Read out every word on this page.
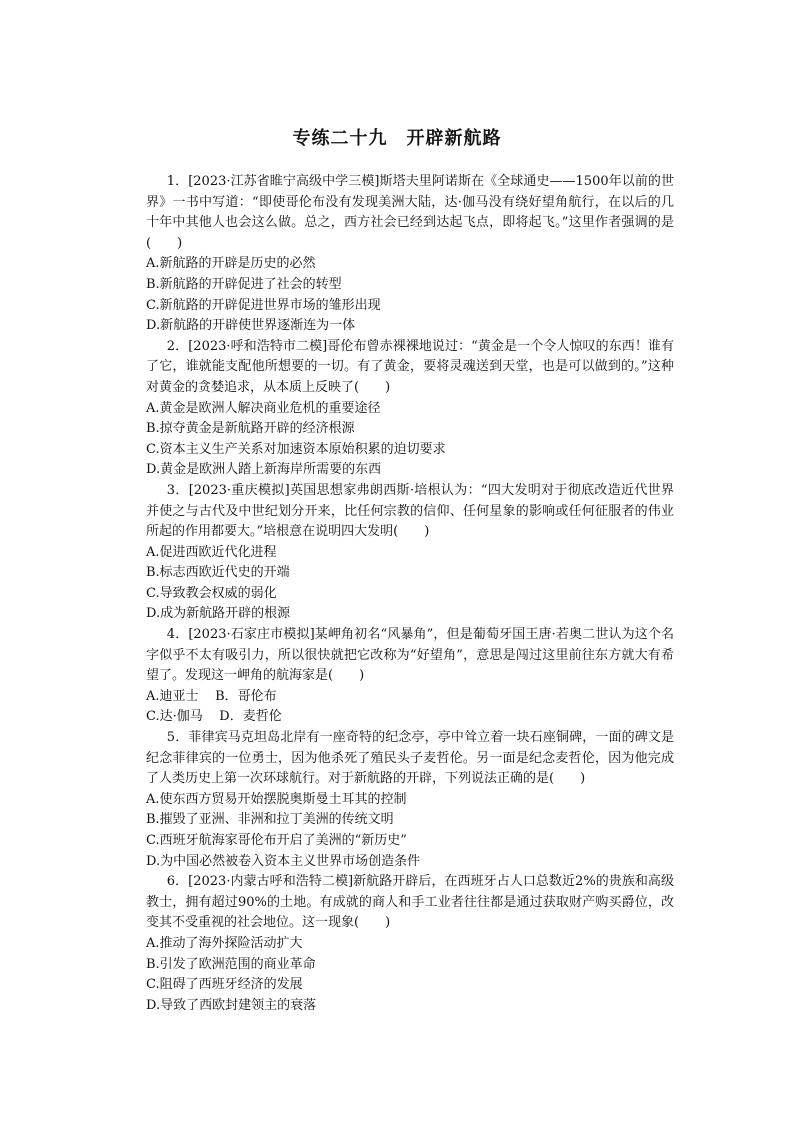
专练二十九　开辟新航路

1．[2023·江苏省睢宁高级中学三模]斯塔夫里阿诺斯在《全球通史——1500年以前的世界》一书中写道：“即使哥伦布没有发现美洲大陆，达·伽马没有绕好望角航行，在以后的几十年中其他人也会这么做。总之，西方社会已经到达起飞点，即将起飞。”这里作者强调的是(　　)

A.新航路的开辟是历史的必然

B.新航路的开辟促进了社会的转型

C.新航路的开辟促进世界市场的雏形出现

D.新航路的开辟使世界逐渐连为一体

2．[2023·呼和浩特市二模]哥伦布曾赤裸裸地说过：“黄金是一个令人惊叹的东西！谁有了它，谁就能支配他所想要的一切。有了黄金，要将灵魂送到天堂，也是可以做到的。”这种对黄金的贪婪追求，从本质上反映了(　　)

A.黄金是欧洲人解决商业危机的重要途径

B.掠夺黄金是新航路开辟的经济根源

C.资本主义生产关系对加速资本原始积累的迫切要求

D.黄金是欧洲人踏上新海岸所需要的东西

3．[2023·重庆模拟]英国思想家弗朗西斯·培根认为：“四大发明对于彻底改造近代世界并使之与古代及中世纪划分开来，比任何宗教的信仰、任何星象的影响或任何征服者的伟业所起的作用都要大。”培根意在说明四大发明(　　)

A.促进西欧近代化进程

B.标志西欧近代史的开端

C.导致教会权威的弱化

D.成为新航路开辟的根源

4．[2023·石家庄市模拟]某岬角初名“风暴角”，但是葡萄牙国王唐·若奥二世认为这个名字似乎不太有吸引力，所以很快就把它改称为“好望角”，意思是闯过这里前往东方就大有希望了。发现这一岬角的航海家是(　　)

A.迪亚士 B．哥伦布

C.达·伽马 D．麦哲伦

5．菲律宾马克坦岛北岸有一座奇特的纪念亭，亭中耸立着一块石座铜碑，一面的碑文是纪念菲律宾的一位勇士，因为他杀死了殖民头子麦哲伦。另一面是纪念麦哲伦，因为他完成了人类历史上第一次环球航行。对于新航路的开辟，下列说法正确的是(　　)

A.使东西方贸易开始摆脱奥斯曼土耳其的控制

B.摧毁了亚洲、非洲和拉丁美洲的传统文明

C.西班牙航海家哥伦布开启了美洲的“新历史”

D.为中国必然被卷入资本主义世界市场创造条件

6．[2023·内蒙古呼和浩特二模]新航路开辟后，在西班牙占人口总数近2%的贵族和高级教士，拥有超过90%的土地。有成就的商人和手工业者往往都是通过获取财产购买爵位，改变其不受重视的社会地位。这一现象(　　)

A.推动了海外探险活动扩大

B.引发了欧洲范围的商业革命

C.阻碍了西班牙经济的发展

D.导致了西欧封建领主的衰落
